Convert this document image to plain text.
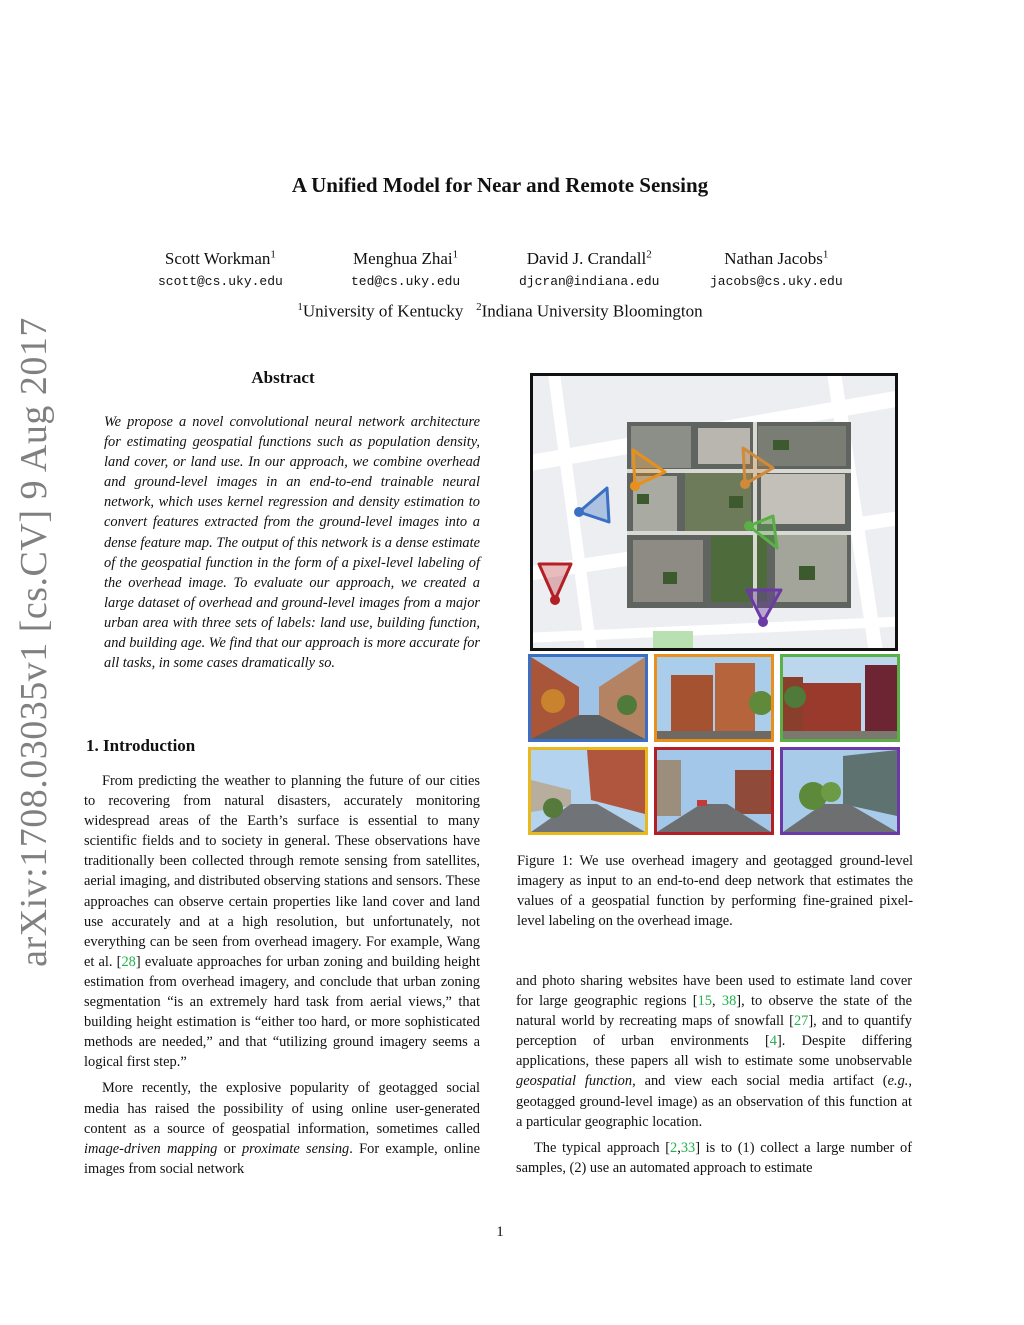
arXiv:1708.03035v1 [cs.CV] 9 Aug 2017
A Unified Model for Near and Remote Sensing
Scott Workman$^1$
scott@cs.uky.edu
Menghua Zhai$^1$
ted@cs.uky.edu
David J. Crandall$^2$
djcran@indiana.edu
Nathan Jacobs$^1$
jacobs@cs.uky.edu
$^1$University of Kentucky $^2$Indiana University Bloomington
Abstract

We propose a novel convolutional neural network architecture for estimating geospatial functions such as population density, land cover, or land use. In our approach, we combine overhead and ground-level images in an end-to-end trainable neural network, which uses kernel regression and density estimation to convert features extracted from the ground-level images into a dense feature map. The output of this network is a dense estimate of the geospatial function in the form of a pixel-level labeling of the overhead image. To evaluate our approach, we created a large dataset of overhead and ground-level images from a major urban area with three sets of labels: land use, building function, and building age. We find that our approach is more accurate for all tasks, in some cases dramatically so.

1. Introduction

From predicting the weather to planning the future of our cities to recovering from natural disasters, accurately monitoring widespread areas of the Earth’s surface is essential to many scientific fields and to society in general. These observations have traditionally been collected through remote sensing from satellites, aerial imaging, and distributed observing stations and sensors. These approaches can observe certain properties like land cover and land use accurately and at a high resolution, but unfortunately, not everything can be seen from overhead imagery. For example, Wang et al. [28] evaluate approaches for urban zoning and building height estimation from overhead imagery, and conclude that urban zoning segmentation “is an extremely hard task from aerial views,” that building height estimation is “either too hard, or more sophisticated methods are needed,” and that “utilizing ground imagery seems a logical first step.”

More recently, the explosive popularity of geotagged social media has raised the possibility of using online user-generated content as a source of geospatial information, sometimes called image-driven mapping or proximate sensing. For example, online images from social network

Figure 1: We use overhead imagery and geotagged ground-level imagery as input to an end-to-end deep network that estimates the values of a geospatial function by performing fine-grained pixel-level labeling on the overhead image.

and photo sharing websites have been used to estimate land cover for large geographic regions [15, 38], to observe the state of the natural world by recreating maps of snowfall [27], and to quantify perception of urban environments [4]. Despite differing applications, these papers all wish to estimate some unobservable geospatial function, and view each social media artifact (e.g., geotagged ground-level image) as an observation of this function at a particular geographic location.

The typical approach [2,33] is to (1) collect a large number of samples, (2) use an automated approach to estimate

1
